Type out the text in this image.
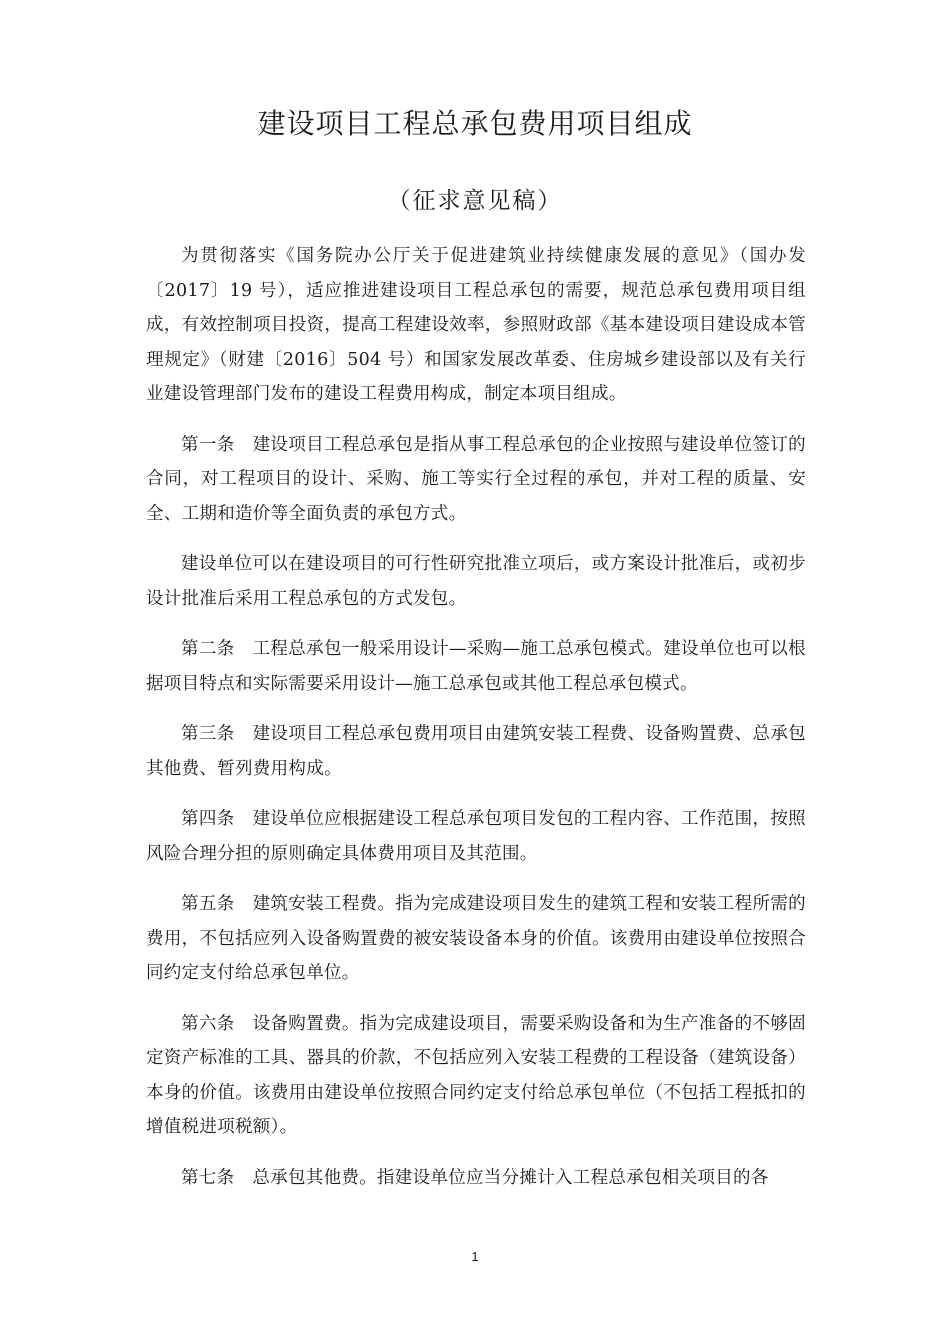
建设项目工程总承包费用项目组成
（征求意见稿）

为贯彻落实《国务院办公厅关于促进建筑业持续健康发展的意见》（国办发〔2017〕19 号），适应推进建设项目工程总承包的需要，规范总承包费用项目组成，有效控制项目投资，提高工程建设效率，参照财政部《基本建设项目建设成本管理规定》（财建〔2016〕504 号）和国家发展改革委、住房城乡建设部以及有关行业建设管理部门发布的建设工程费用构成，制定本项目组成。

第一条 建设项目工程总承包是指从事工程总承包的企业按照与建设单位签订的合同，对工程项目的设计、采购、施工等实行全过程的承包，并对工程的质量、安全、工期和造价等全面负责的承包方式。

建设单位可以在建设项目的可行性研究批准立项后，或方案设计批准后，或初步设计批准后采用工程总承包的方式发包。

第二条 工程总承包一般采用设计—采购—施工总承包模式。建设单位也可以根据项目特点和实际需要采用设计—施工总承包或其他工程总承包模式。

第三条 建设项目工程总承包费用项目由建筑安装工程费、设备购置费、总承包其他费、暂列费用构成。

第四条 建设单位应根据建设工程总承包项目发包的工程内容、工作范围，按照风险合理分担的原则确定具体费用项目及其范围。

第五条 建筑安装工程费。指为完成建设项目发生的建筑工程和安装工程所需的费用，不包括应列入设备购置费的被安装设备本身的价值。该费用由建设单位按照合同约定支付给总承包单位。

第六条 设备购置费。指为完成建设项目，需要采购设备和为生产准备的不够固定资产标准的工具、器具的价款，不包括应列入安装工程费的工程设备（建筑设备）本身的价值。该费用由建设单位按照合同约定支付给总承包单位（不包括工程抵扣的增值税进项税额）。

第七条 总承包其他费。指建设单位应当分摊计入工程总承包相关项目的各

1
